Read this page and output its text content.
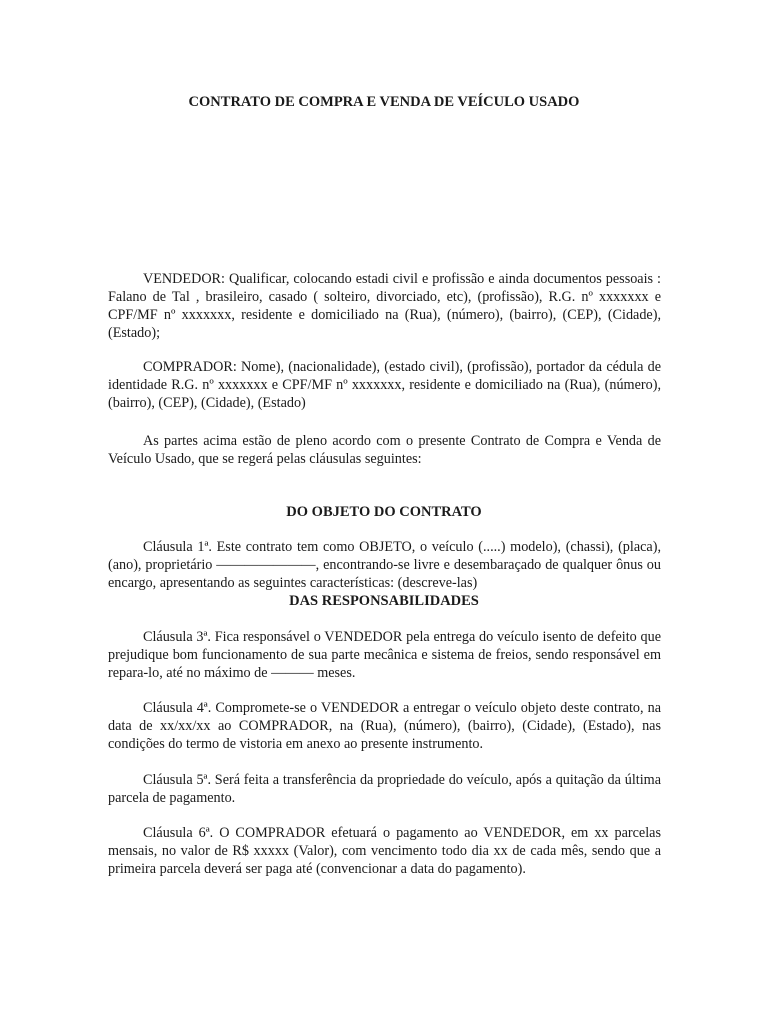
CONTRATO DE COMPRA E VENDA DE VEÍCULO USADO

VENDEDOR: Qualificar, colocando estadi civil e profissão e ainda documentos pessoais : Falano de Tal , brasileiro, casado ( solteiro, divorciado, etc), (profissão), R.G. nº xxxxxxx e CPF/MF nº xxxxxxx, residente e domiciliado na (Rua), (número), (bairro), (CEP), (Cidade), (Estado);

COMPRADOR: Nome), (nacionalidade), (estado civil), (profissão), portador da cédula de identidade R.G. nº xxxxxxx e CPF/MF nº xxxxxxx, residente e domiciliado na (Rua), (número), (bairro), (CEP), (Cidade), (Estado)

As partes acima estão de pleno acordo com o presente Contrato de Compra e Venda de Veículo Usado, que se regerá pelas cláusulas seguintes:

DO OBJETO DO CONTRATO

Cláusula 1ª. Este contrato tem como OBJETO, o veículo (.....) modelo), (chassi), (placa), (ano), proprietário ———————, encontrando-se livre e desembaraçado de qualquer ônus ou encargo, apresentando as seguintes características: (descreve-las)

DAS RESPONSABILIDADES

Cláusula 3ª. Fica responsável o VENDEDOR pela entrega do veículo isento de defeito que prejudique bom funcionamento de sua parte mecânica e sistema de freios, sendo responsável em repara-lo, até no máximo de ——— meses.

Cláusula 4ª. Compromete-se o VENDEDOR a entregar o veículo objeto deste contrato, na data de xx/xx/xx ao COMPRADOR, na (Rua), (número), (bairro), (Cidade), (Estado), nas condições do termo de vistoria em anexo ao presente instrumento.

Cláusula 5ª. Será feita a transferência da propriedade do veículo, após a quitação da última parcela de pagamento.

Cláusula 6ª. O COMPRADOR efetuará o pagamento ao VENDEDOR, em xx parcelas mensais, no valor de R$ xxxxx (Valor), com vencimento todo dia xx de cada mês, sendo que a primeira parcela deverá ser paga até (convencionar a data do pagamento).
